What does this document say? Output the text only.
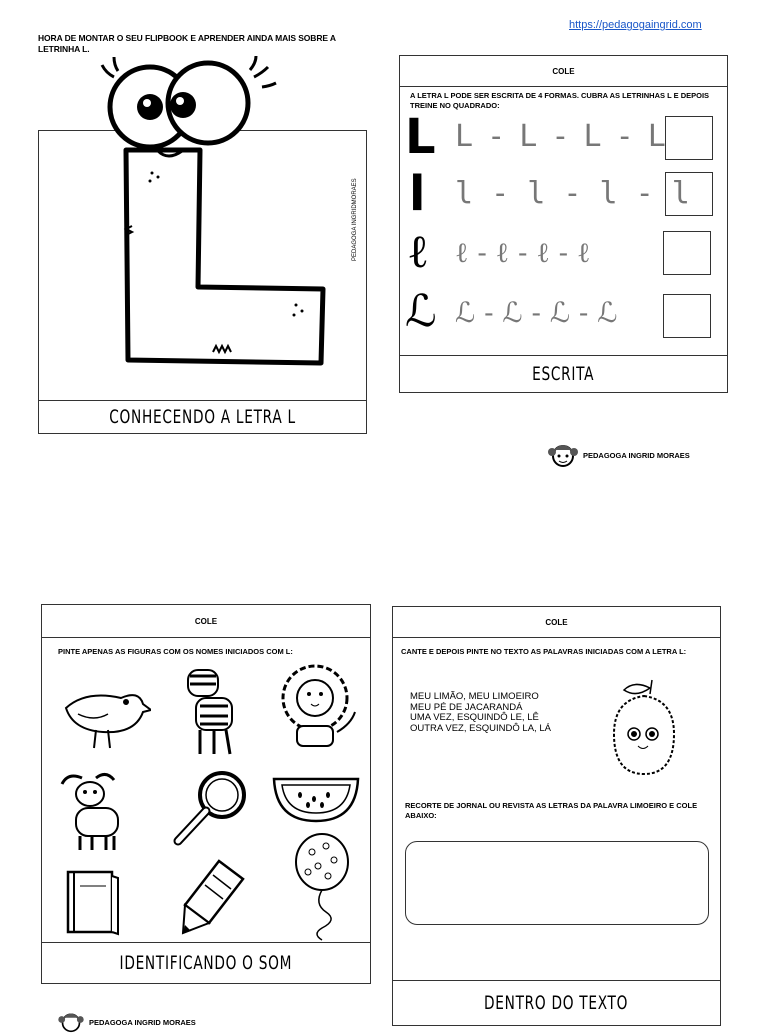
https://pedagogaingrid.com
HORA DE MONTAR O SEU FLIPBOOK E APRENDER AINDA MAIS SOBRE A LETRINHA L.
CONHECENDO A LETRA L
PEDAGOGA INGRIDMORAES
COLE
A LETRA L PODE SER ESCRITA DE 4 FORMAS. CUBRA AS LETRINHAS L E DEPOIS TREINE NO QUADRADO:
ESCRITA
L L - L - L - L
l l - l - l - l
ℓ ℓ - ℓ - ℓ - ℓ
ℒ ℒ - ℒ - ℒ - ℒ
PEDAGOGA INGRID MORAES
COLE
PINTE APENAS AS FIGURAS COM OS NOMES INICIADOS COM L:
IDENTIFICANDO O SOM
COLE
CANTE E DEPOIS PINTE NO TEXTO AS PALAVRAS INICIADAS COM A LETRA L:
RECORTE DE JORNAL OU REVISTA AS LETRAS DA PALAVRA LIMOEIRO E COLE ABAIXO:
DENTRO DO TEXTO
MEU LIMÃO, MEU LIMOEIRO
MEU PÉ DE JACARANDÁ
UMA VEZ, ESQUINDÔ LE, LÊ
OUTRA VEZ, ESQUINDÔ LA, LÁ
PEDAGOGA INGRID MORAES
